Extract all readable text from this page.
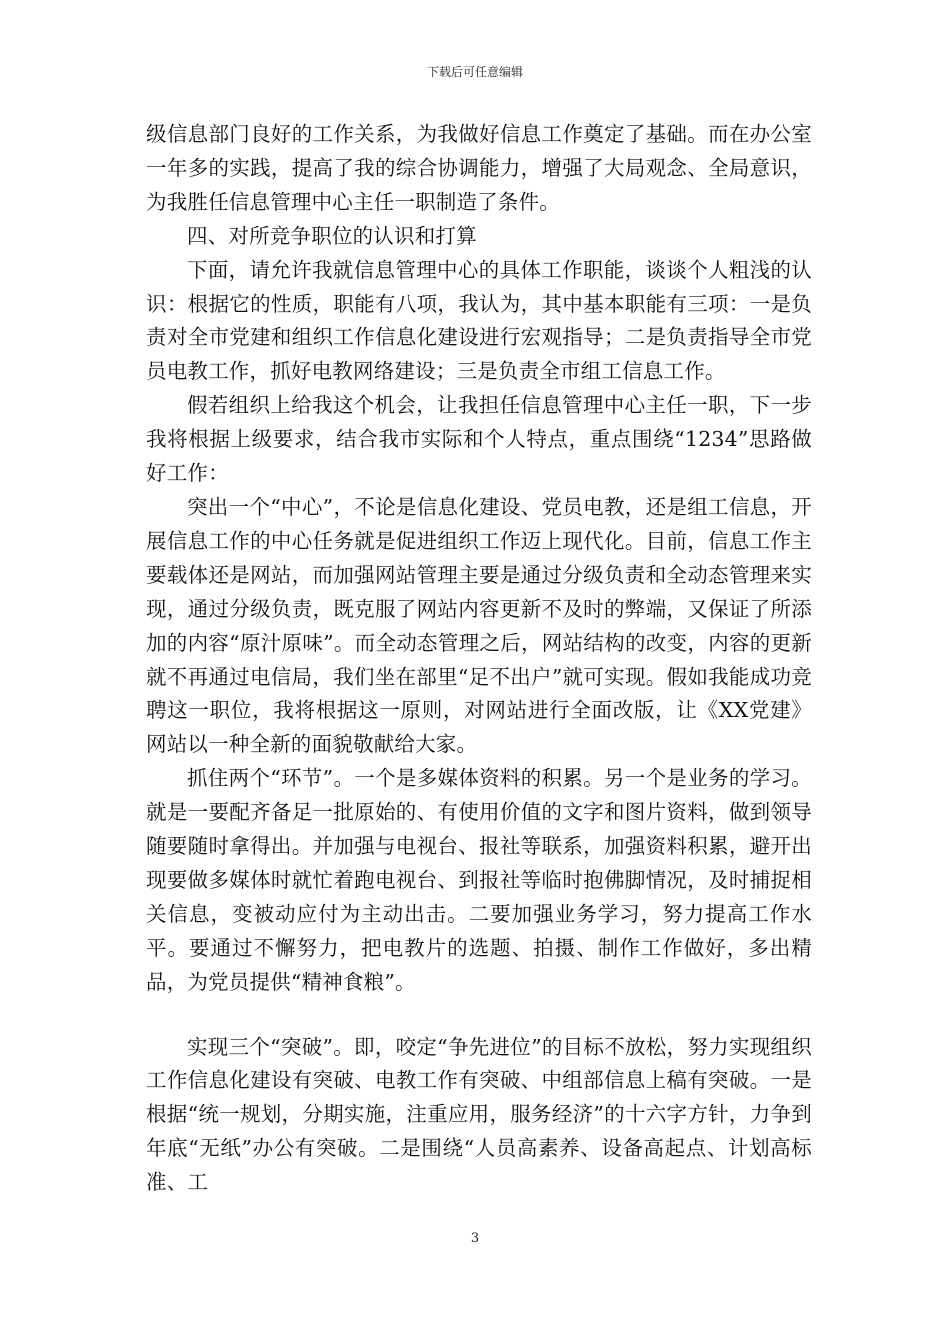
下载后可任意编辑

级信息部门良好的工作关系，为我做好信息工作奠定了基础。而在办公室一年多的实践，提高了我的综合协调能力，增强了大局观念、全局意识，为我胜任信息管理中心主任一职制造了条件。

四、对所竞争职位的认识和打算

下面，请允许我就信息管理中心的具体工作职能，谈谈个人粗浅的认识：根据它的性质，职能有八项，我认为，其中基本职能有三项：一是负责对全市党建和组织工作信息化建设进行宏观指导；二是负责指导全市党员电教工作，抓好电教网络建设；三是负责全市组工信息工作。

假若组织上给我这个机会，让我担任信息管理中心主任一职，下一步我将根据上级要求，结合我市实际和个人特点，重点围绕“1234”思路做好工作：

突出一个“中心”，不论是信息化建设、党员电教，还是组工信息，开展信息工作的中心任务就是促进组织工作迈上现代化。目前，信息工作主要载体还是网站，而加强网站管理主要是通过分级负责和全动态管理来实现，通过分级负责，既克服了网站内容更新不及时的弊端，又保证了所添加的内容“原汁原味”。而全动态管理之后，网站结构的改变，内容的更新就不再通过电信局，我们坐在部里“足不出户”就可实现。假如我能成功竞聘这一职位，我将根据这一原则，对网站进行全面改版，让《XX党建》网站以一种全新的面貌敬献给大家。

抓住两个“环节”。一个是多媒体资料的积累。另一个是业务的学习。就是一要配齐备足一批原始的、有使用价值的文字和图片资料，做到领导随要随时拿得出。并加强与电视台、报社等联系，加强资料积累，避开出现要做多媒体时就忙着跑电视台、到报社等临时抱佛脚情况，及时捕捉相关信息，变被动应付为主动出击。二要加强业务学习，努力提高工作水平。要通过不懈努力，把电教片的选题、拍摄、制作工作做好，多出精品，为党员提供“精神食粮”。

实现三个“突破”。即，咬定“争先进位”的目标不放松，努力实现组织工作信息化建设有突破、电教工作有突破、中组部信息上稿有突破。一是根据“统一规划，分期实施，注重应用，服务经济”的十六字方针，力争到年底“无纸”办公有突破。二是围绕“人员高素养、设备高起点、计划高标准、工

3
